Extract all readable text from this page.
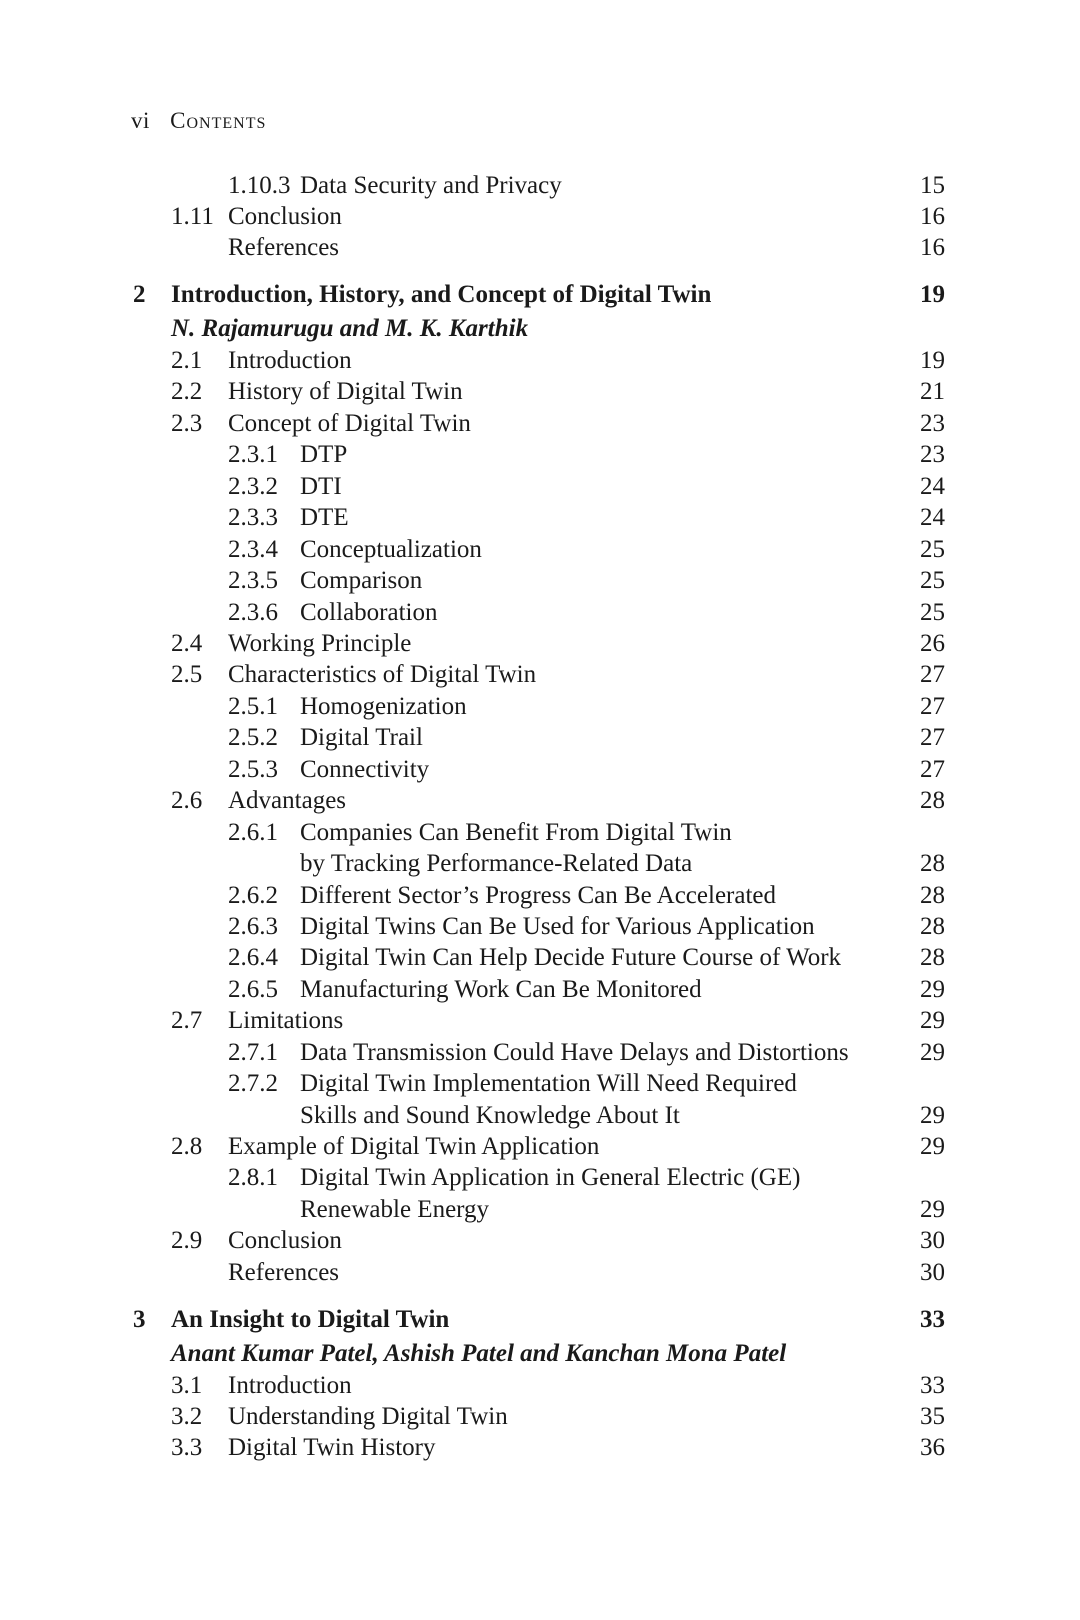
vi Contents
1.10.3 Data Security and Privacy	15
1.11 Conclusion	16
References	16
2 Introduction, History, and Concept of Digital Twin	19
N. Rajamurugu and M. K. Karthik
2.1 Introduction	19
2.2 History of Digital Twin	21
2.3 Concept of Digital Twin	23
2.3.1 DTP	23
2.3.2 DTI	24
2.3.3 DTE	24
2.3.4 Conceptualization	25
2.3.5 Comparison	25
2.3.6 Collaboration	25
2.4 Working Principle	26
2.5 Characteristics of Digital Twin	27
2.5.1 Homogenization	27
2.5.2 Digital Trail	27
2.5.3 Connectivity	27
2.6 Advantages	28
2.6.1 Companies Can Benefit From Digital Twin
by Tracking Performance-Related Data	28
2.6.2 Different Sector’s Progress Can Be Accelerated	28
2.6.3 Digital Twins Can Be Used for Various Application	28
2.6.4 Digital Twin Can Help Decide Future Course of Work	28
2.6.5 Manufacturing Work Can Be Monitored	29
2.7 Limitations	29
2.7.1 Data Transmission Could Have Delays and Distortions	29
2.7.2 Digital Twin Implementation Will Need Required
Skills and Sound Knowledge About It	29
2.8 Example of Digital Twin Application	29
2.8.1 Digital Twin Application in General Electric (GE)
Renewable Energy	29
2.9 Conclusion	30
References	30
3 An Insight to Digital Twin	33
Anant Kumar Patel, Ashish Patel and Kanchan Mona Patel
3.1 Introduction	33
3.2 Understanding Digital Twin	35
3.3 Digital Twin History	36
